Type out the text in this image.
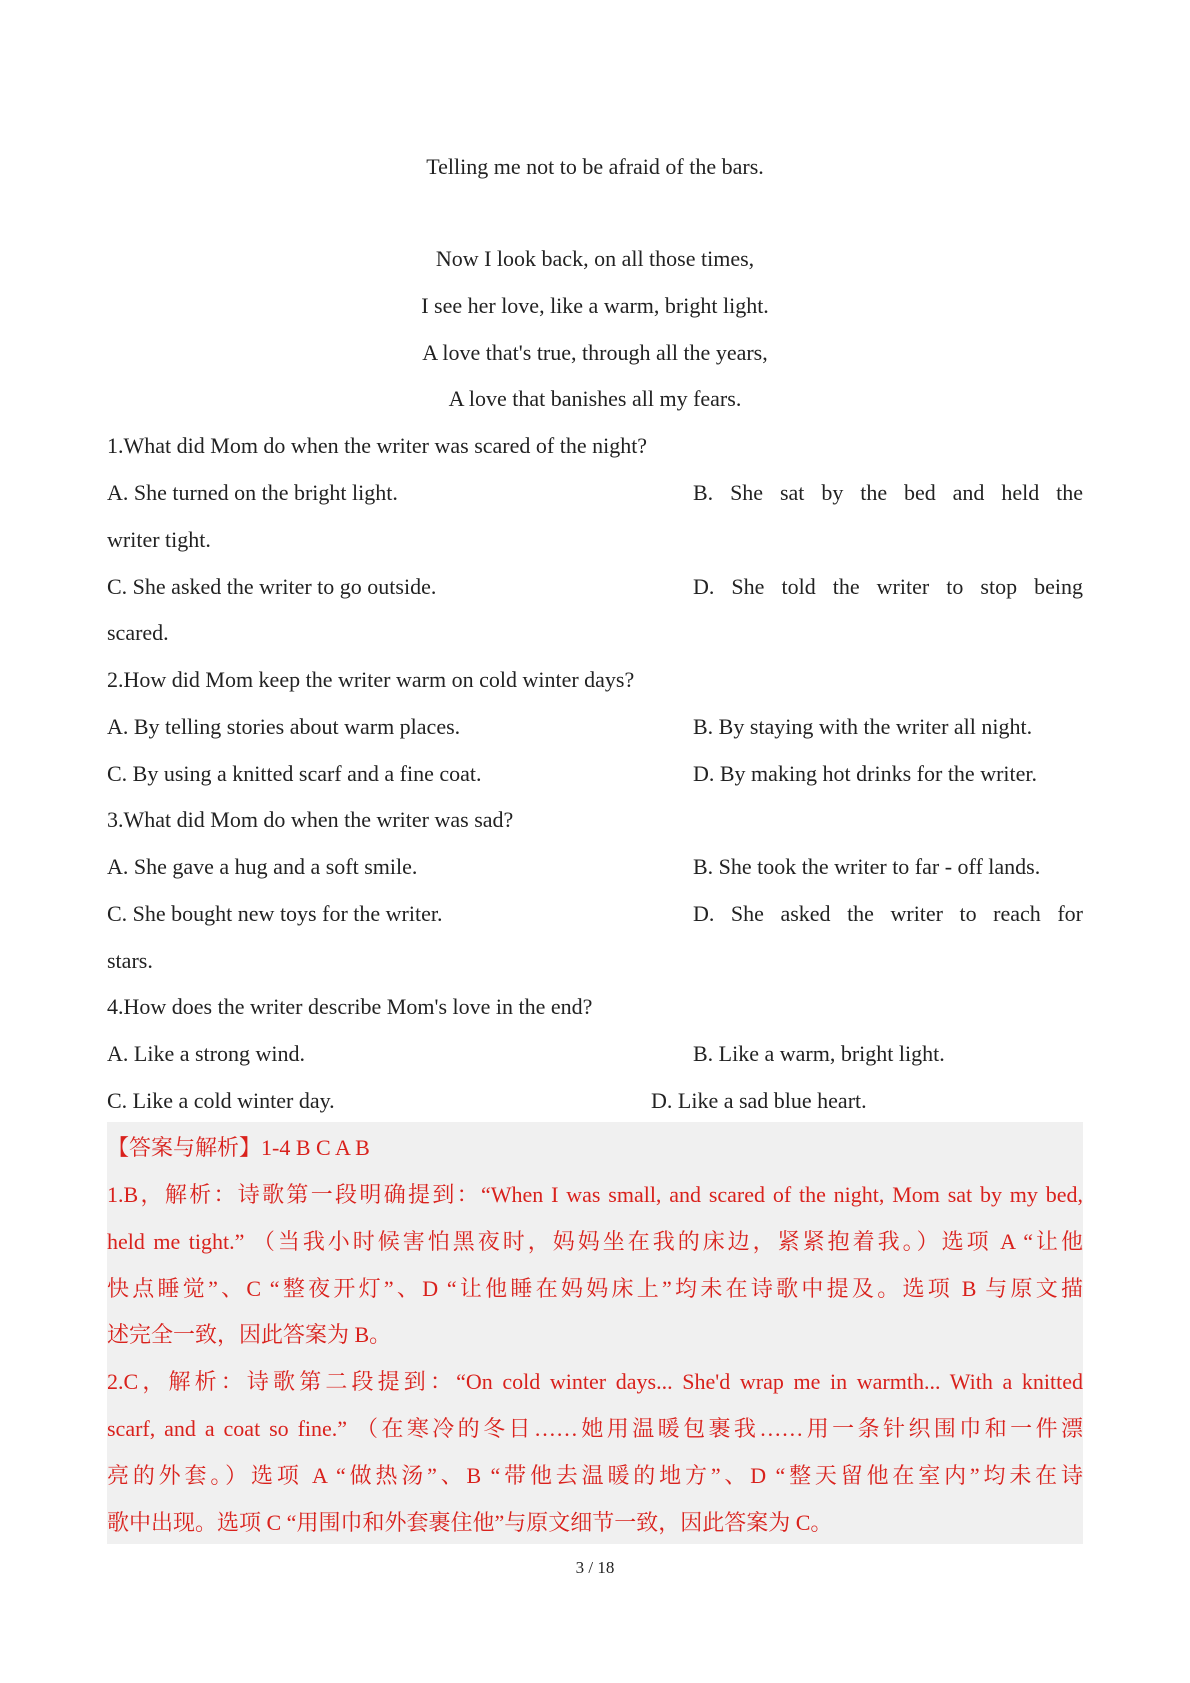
Telling me not to be afraid of the bars.
Now I look back, on all those times,
I see her love, like a warm, bright light.
A love that's true, through all the years,
A love that banishes all my fears.
1.What did Mom do when the writer was scared of the night?
A. She turned on the bright light.	B. She sat by the bed and held the
writer tight.
C. She asked the writer to go outside.	D. She told the writer to stop being
scared.
2.How did Mom keep the writer warm on cold winter days?
A. By telling stories about warm places.	B. By staying with the writer all night.
C. By using a knitted scarf and a fine coat.	D. By making hot drinks for the writer.
3.What did Mom do when the writer was sad?
A. She gave a hug and a soft smile.	B. She took the writer to far - off lands.
C. She bought new toys for the writer.	D. She asked the writer to reach for
stars.
4.How does the writer describe Mom's love in the end?
A. Like a strong wind.	B. Like a warm, bright light.
C. Like a cold winter day.	D. Like a sad blue heart.
【答案与解析】1-4 B C A B
1.B，解析：诗歌第一段明确提到：“When I was small, and scared of the night, Mom sat by my bed,
held me tight.” （当我小时候害怕黑夜时，妈妈坐在我的床边，紧紧抱着我。）选项 A “让他
快点睡觉”、C “整夜开灯”、D “让他睡在妈妈床上”均未在诗歌中提及。选项 B 与原文描
述完全一致，因此答案为 B。
2.C，解析：诗歌第二段提到：“On cold winter days... She'd wrap me in warmth... With a knitted
scarf, and a coat so fine.” （在寒冷的冬日……她用温暖包裹我……用一条针织围巾和一件漂
亮的外套。）选项 A “做热汤”、B “带他去温暖的地方”、D “整天留他在室内”均未在诗
歌中出现。选项 C “用围巾和外套裹住他”与原文细节一致，因此答案为 C。
3 / 18
